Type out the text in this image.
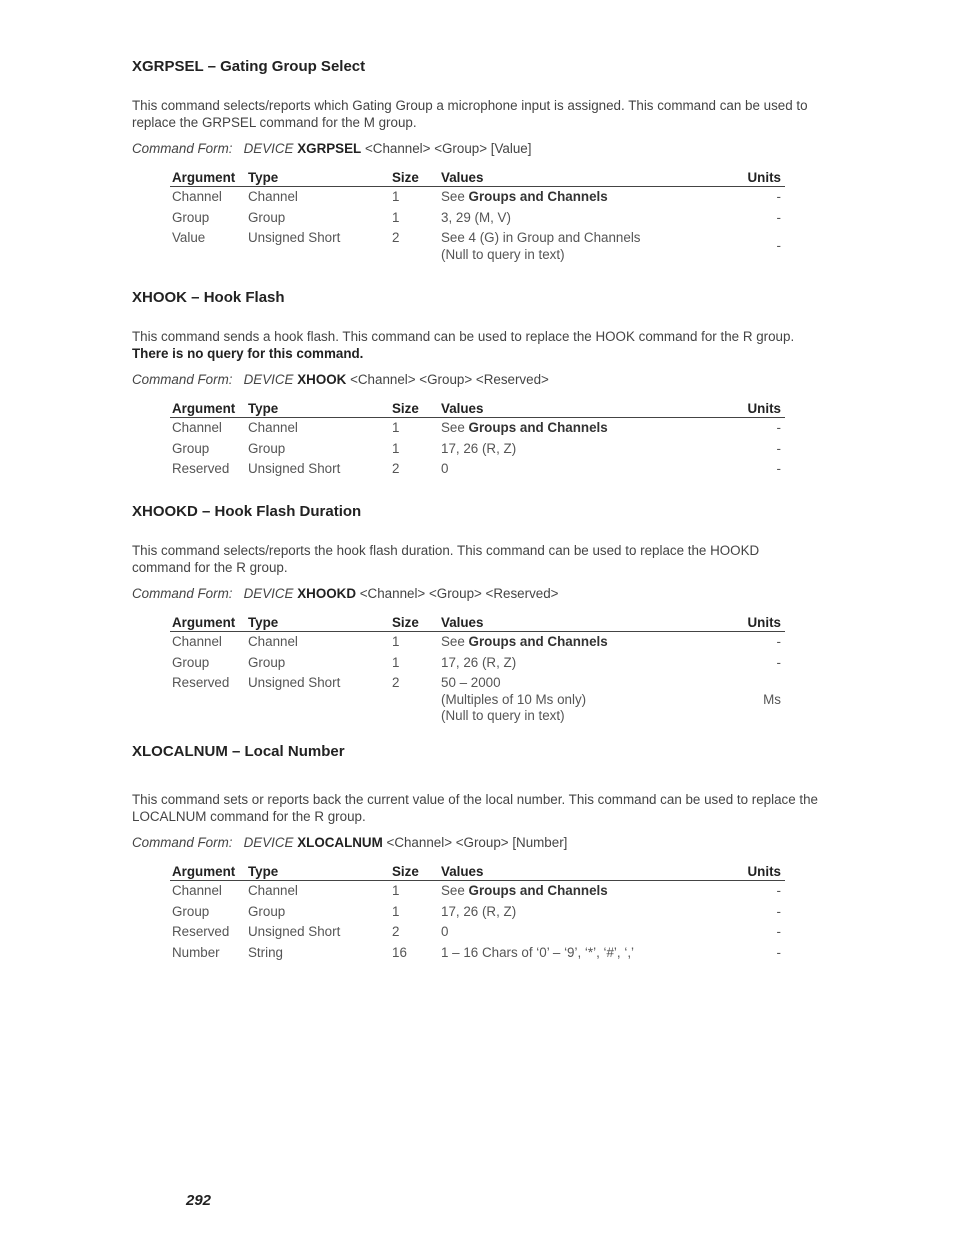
XGRPSEL – Gating Group Select

This command selects/reports which Gating Group a microphone input is assigned. This command can be used to replace the GRPSEL command for the M group.

Command Form: DEVICE XGRPSEL <Channel> <Group> [Value]

Argument	Type	Size	Values	Units
Channel	Channel	1	See Groups and Channels	-
Group	Group	1	3, 29 (M, V)	-
Value	Unsigned Short	2	See 4 (G) in Group and Channels
(Null to query in text)	-
XHOOK – Hook Flash

This command sends a hook flash. This command can be used to replace the HOOK command for the R group.
There is no query for this command.

Command Form: DEVICE XHOOK <Channel> <Group> <Reserved>

Argument	Type	Size	Values	Units
Channel	Channel	1	See Groups and Channels	-
Group	Group	1	17, 26 (R, Z)	-
Reserved	Unsigned Short	2	0	-
XHOOKD – Hook Flash Duration

This command selects/reports the hook flash duration. This command can be used to replace the HOOKD command for the R group.

Command Form: DEVICE XHOOKD <Channel> <Group> <Reserved>

Argument	Type	Size	Values	Units
Channel	Channel	1	See Groups and Channels	-
Group	Group	1	17, 26 (R, Z)	-
Reserved	Unsigned Short	2	50 – 2000
(Multiples of 10 Ms only)
(Null to query in text)	Ms
XLOCALNUM – Local Number

This command sets or reports back the current value of the local number. This command can be used to replace the LOCALNUM command for the R group.

Command Form: DEVICE XLOCALNUM <Channel> <Group> [Number]

Argument	Type	Size	Values	Units
Channel	Channel	1	See Groups and Channels	-
Group	Group	1	17, 26 (R, Z)	-
Reserved	Unsigned Short	2	0	-
Number	String	16	1 – 16 Chars of ‘0’ – ‘9’, ‘*’, ‘#’, ‘,’	-
292
